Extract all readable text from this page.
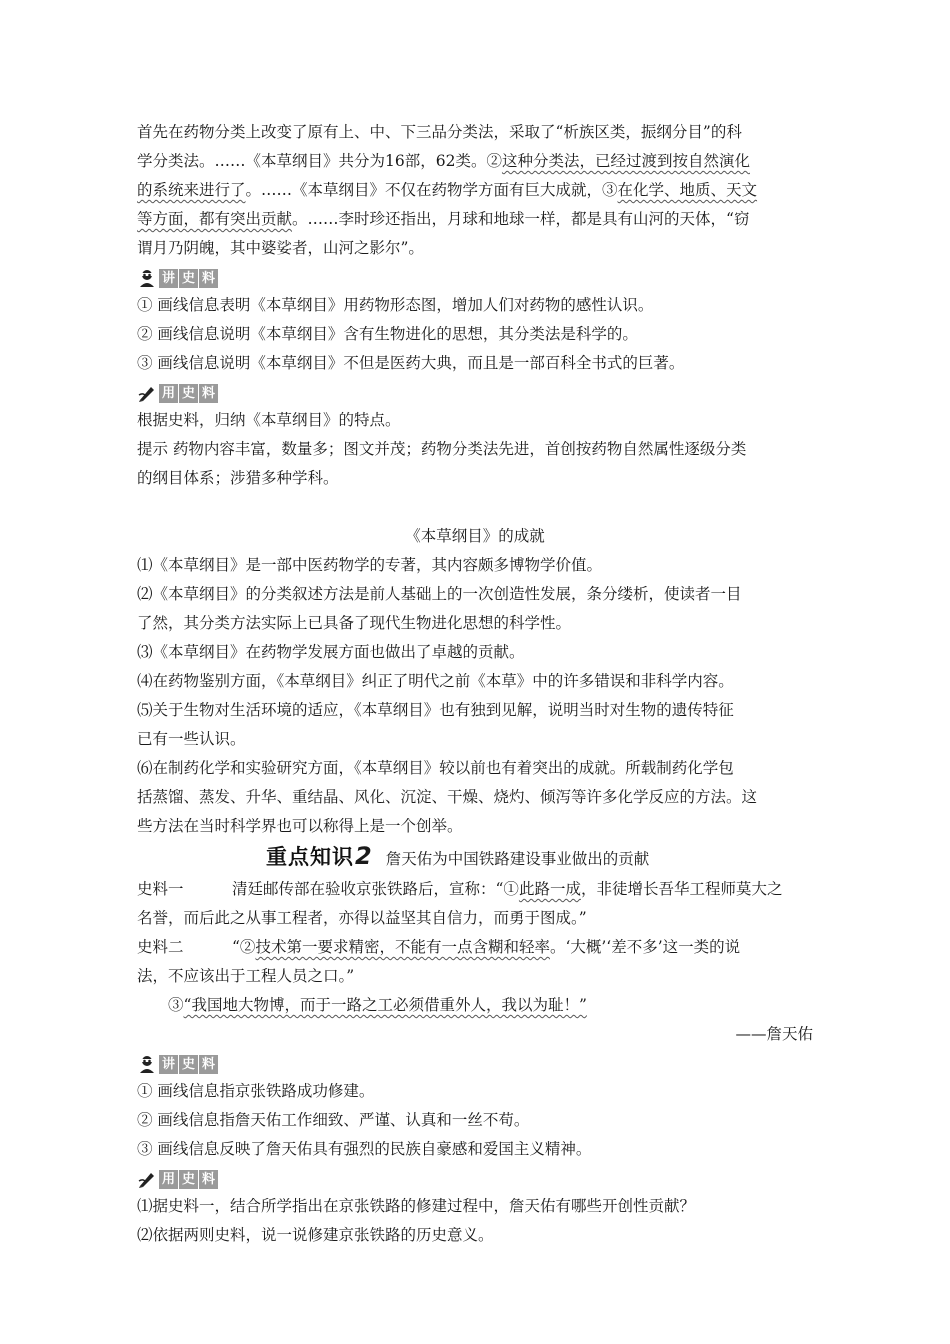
首先在药物分类上改变了原有上、中、下三品分类法，采取了“析族区类，振纲分目”的科

学分类法。……《本草纲目》共分为16部，62类。②这种分类法，已经过渡到按自然演化

的系统来进行了。……《本草纲目》不仅在药物学方面有巨大成就，③在化学、地质、天文

等方面，都有突出贡献。……李时珍还指出，月球和地球一样，都是具有山河的天体，“窃

谓月乃阴魄，其中婆娑者，山河之影尔”。

讲 史 料

① 画线信息表明《本草纲目》用药物形态图，增加人们对药物的感性认识。

② 画线信息说明《本草纲目》含有生物进化的思想，其分类法是科学的。

③ 画线信息说明《本草纲目》不但是医药大典，而且是一部百科全书式的巨著。

用 史 料

根据史料，归纳《本草纲目》的特点。

提示 药物内容丰富，数量多；图文并茂；药物分类法先进，首创按药物自然属性逐级分类

的纲目体系；涉猎多种学科。

《本草纲目》的成就

⑴《本草纲目》是一部中医药物学的专著，其内容颇多博物学价值。

⑵《本草纲目》的分类叙述方法是前人基础上的一次创造性发展，条分缕析，使读者一目

了然，其分类方法实际上已具备了现代生物进化思想的科学性。

⑶《本草纲目》在药物学发展方面也做出了卓越的贡献。

⑷在药物鉴别方面，《本草纲目》纠正了明代之前《本草》中的许多错误和非科学内容。

⑸关于生物对生活环境的适应，《本草纲目》也有独到见解，说明当时对生物的遗传特征

已有一些认识。

⑹在制药化学和实验研究方面，《本草纲目》较以前也有着突出的成就。所载制药化学包

括蒸馏、蒸发、升华、重结晶、风化、沉淀、干燥、烧灼、倾泻等许多化学反应的方法。这

些方法在当时科学界也可以称得上是一个创举。

重点知识 2 詹天佑为中国铁路建设事业做出的贡献

史料一	清廷邮传部在验收京张铁路后，宣称：“①此路一成，非徒增长吾华工程师莫大之

名誉，而后此之从事工程者，亦得以益坚其自信力，而勇于图成。”

史料二	“②技术第一要求精密，不能有一点含糊和轻率。‘大概’‘差不多’这一类的说

法，不应该出于工程人员之口。”

③“我国地大物博，而于一路之工必须借重外人，我以为耻！”

——詹天佑

讲 史 料

① 画线信息指京张铁路成功修建。

② 画线信息指詹天佑工作细致、严谨、认真和一丝不苟。

③ 画线信息反映了詹天佑具有强烈的民族自豪感和爱国主义精神。

用 史 料

⑴据史料一，结合所学指出在京张铁路的修建过程中，詹天佑有哪些开创性贡献？

⑵依据两则史料，说一说修建京张铁路的历史意义。
